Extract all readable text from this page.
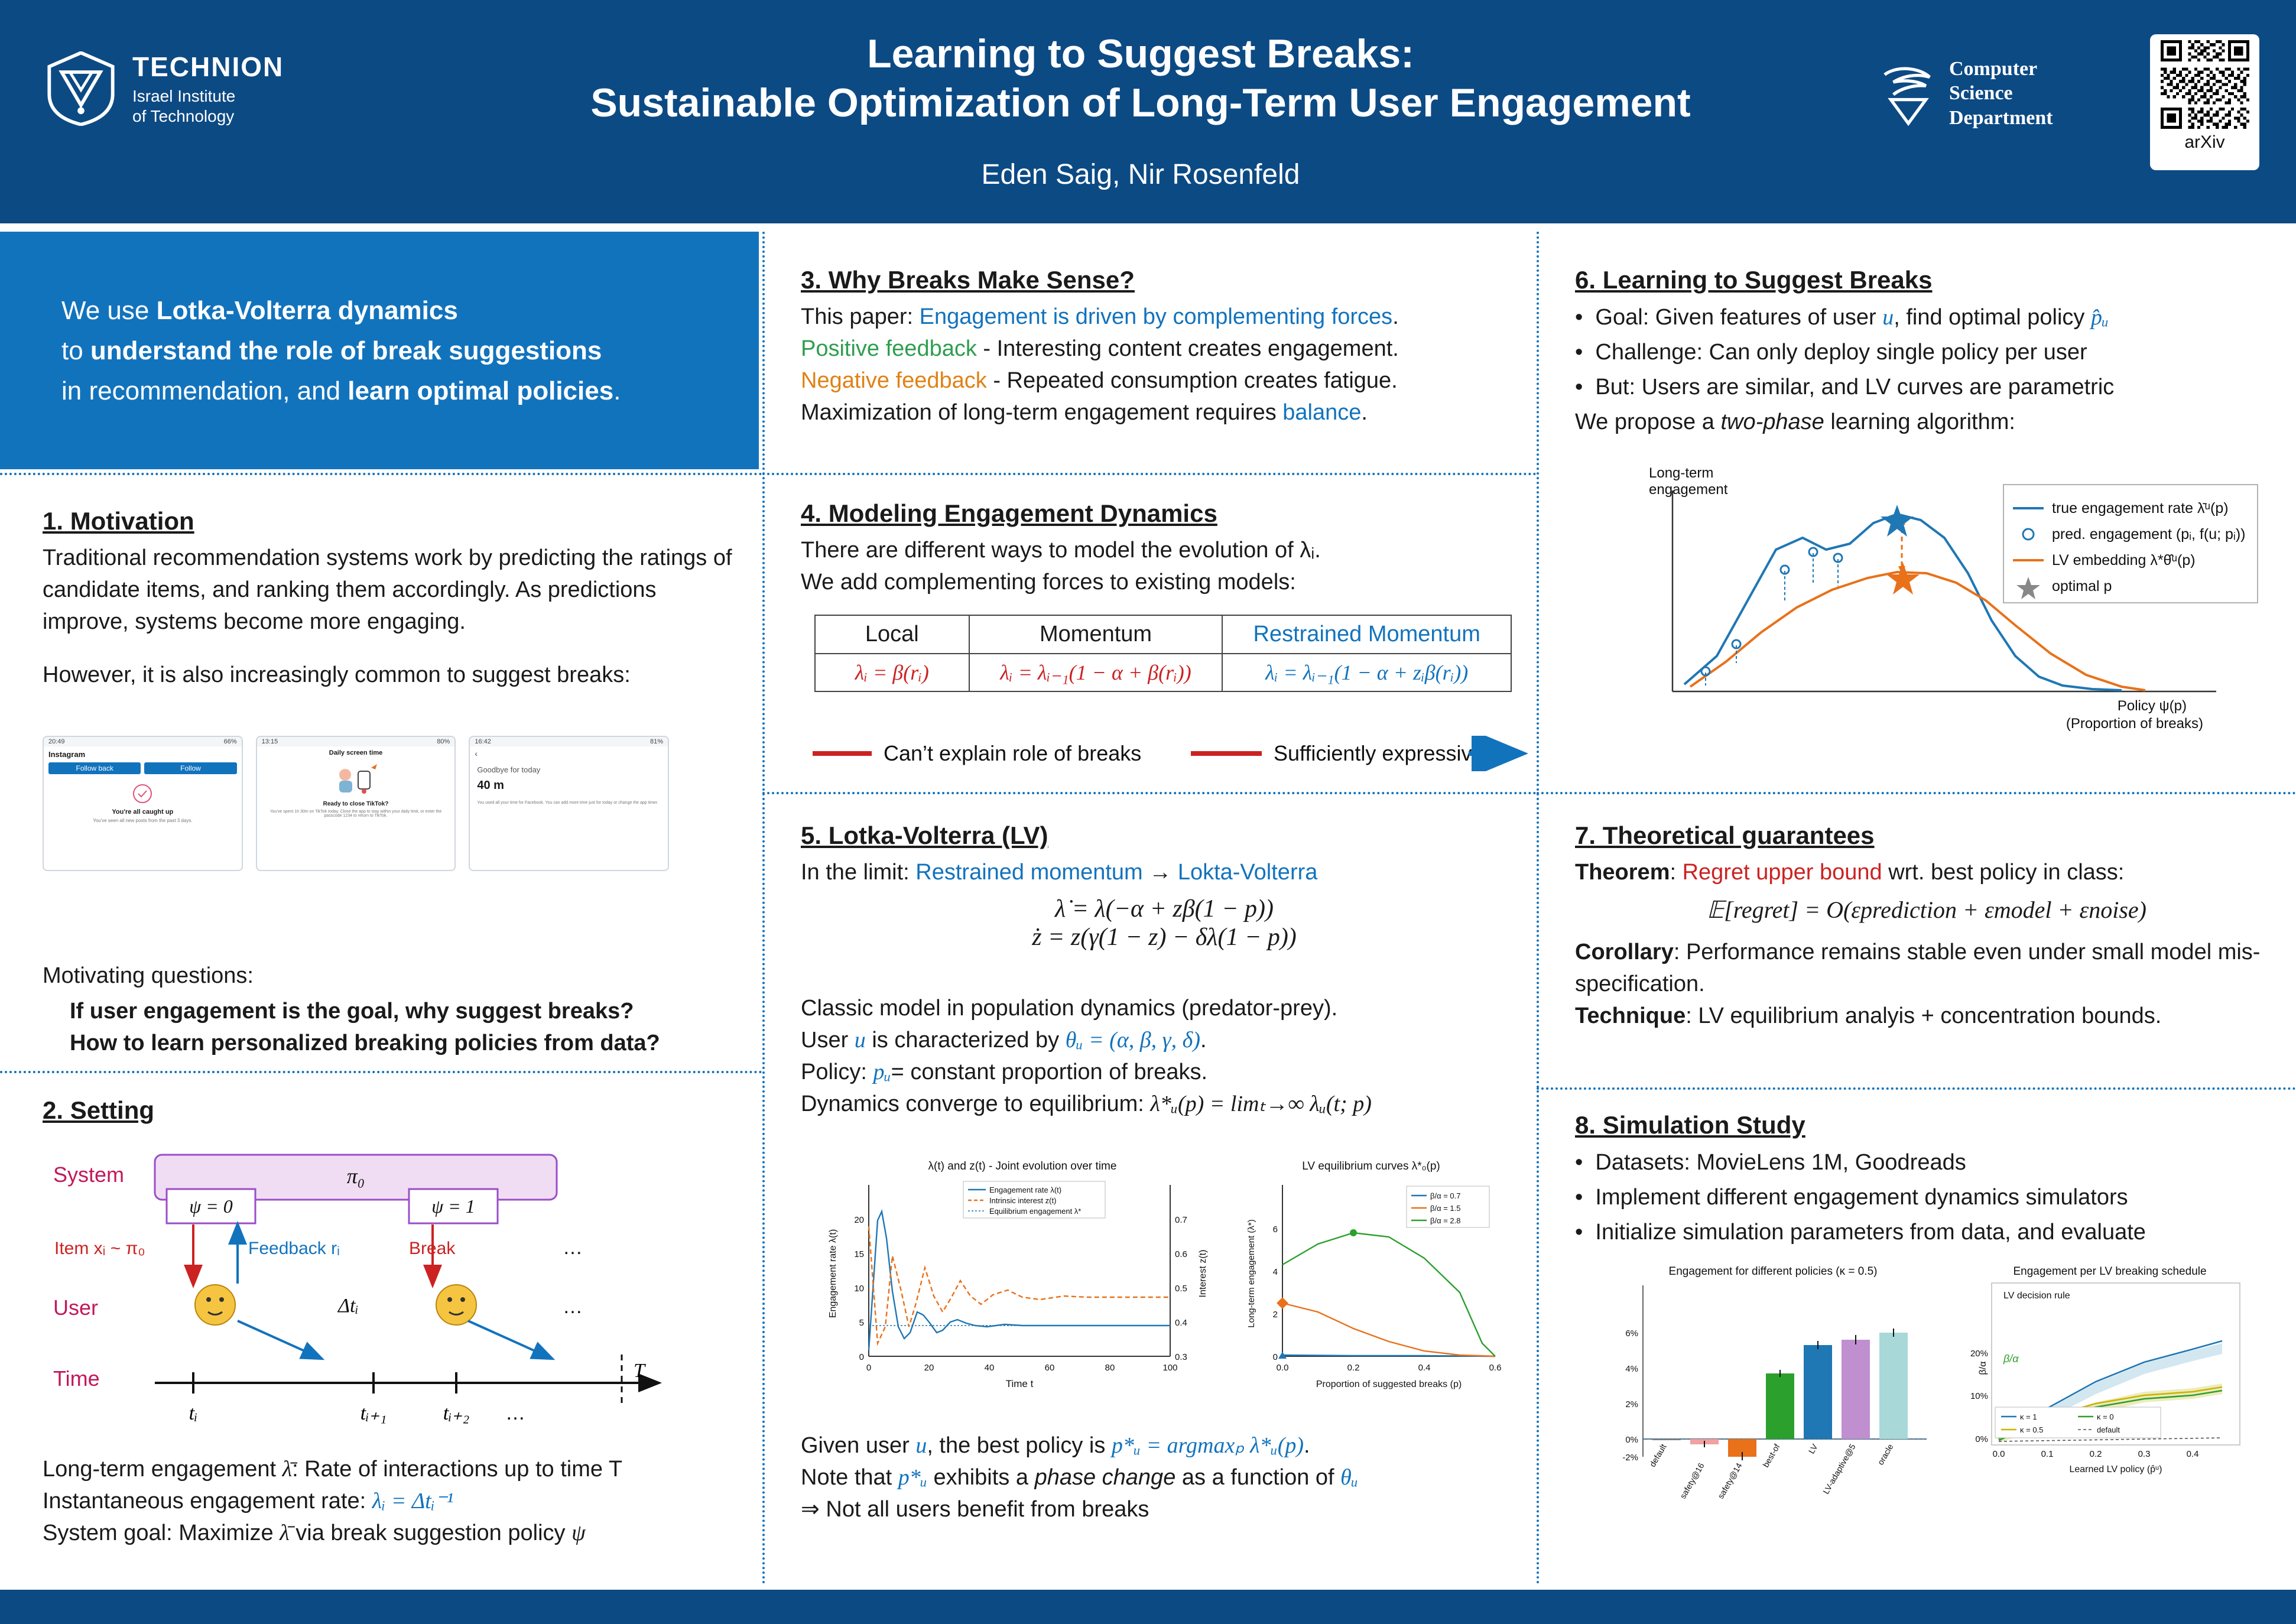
TECHNION
Israel Institute
of Technology
Learning to Suggest Breaks:
Sustainable Optimization of Long-Term User Engagement
Eden Saig, Nir Rosenfeld
Computer
Science
Department
arXiv
We use Lotka-Volterra dynamics
to understand the role of break suggestions
in recommendation, and learn optimal policies.
1. Motivation
Traditional recommendation systems work by predicting the ratings of candidate items, and ranking them accordingly. As predictions improve, systems become more engaging.
However, it is also increasingly common to suggest breaks:
20:49	66%
Instagram
Follow back	Follow
You're all caught up
You've seen all new posts from the past 3 days.
13:15	80%
Daily screen time
Ready to close TikTok?
You've spent 1h 30m on TikTok today. Close the app to stay within your daily limit, or enter the passcode 1234 to return to TikTok.
16:42	81%
‹
Goodbye for today
40 m
You used all your time for Facebook. You can add more time just for today or change the app timer.
Motivating questions:
If user engagement is the goal, why suggest breaks?
How to learn personalized breaking policies from data?
2. Setting
System
User
Time
π₀
ψ = 0	ψ = 1
Item xᵢ ~ π₀	Feedback rᵢ	Break
Δtᵢ
…
…
tᵢ	tᵢ₊₁	tᵢ₊₂ …
T
Long-term engagement λ̄: Rate of interactions up to time T
Instantaneous engagement rate: λᵢ = Δtᵢ⁻¹
System goal: Maximize λ̄ via break suggestion policy ψ
3. Why Breaks Make Sense?
This paper: Engagement is driven by complementing forces.
Positive feedback - Interesting content creates engagement.
Negative feedback - Repeated consumption creates fatigue.
Maximization of long-term engagement requires balance.
4. Modeling Engagement Dynamics
There are different ways to model the evolution of λᵢ.
We add complementing forces to existing models:
Local	Momentum	Restrained Momentum
λᵢ = β(rᵢ)	λᵢ = λᵢ₋₁(1 − α + β(rᵢ))	λᵢ = λᵢ₋₁(1 − α + zᵢβ(rᵢ))
Can’t explain role of breaks	Sufficiently expressive
5. Lotka-Volterra (LV)
In the limit: Restrained momentum → Lokta-Volterra
λ̇ = λ(−α + zβ(1 − p))
ż = z(γ(1 − z) − δλ(1 − p))
Classic model in population dynamics (predator-prey).
User u is characterized by θᵤ = (α, β, γ, δ).
Policy: pᵤ= constant proportion of breaks.
Dynamics converge to equilibrium: λ*ᵤ(p) = limₜ→∞ λᵤ(t; p)
λ(t) and z(t) - Joint evolution over time
Time t
Engagement rate λ(t)	Interest z(t)
0	20	40	60	80	100
0
5
10
15
20
0.3
0.4
0.5
0.6
0.7
Engagement rate λ(t)
Intrinsic interest z(t)
Equilibrium engagement λ*
LV equilibrium curves λ*₀(p)
Proportion of suggested breaks (p)
Long-term engagement (λ*)
0.0	0.2	0.4	0.6
0
2
4
6
β/α = 0.7
β/α = 1.5
β/α = 2.8
Given user u, the best policy is p*ᵤ = argmaxₚ λ*ᵤ(p).
Note that p*ᵤ exhibits a phase change as a function of θᵤ
⇒ Not all users benefit from breaks
6. Learning to Suggest Breaks
•  Goal: Given features of user u, find optimal policy p̂ᵤ
•  Challenge: Can only deploy single policy per user
•  But: Users are similar, and LV curves are parametric
We propose a two-phase learning algorithm:
Long-term
engagement
Policy ψ(p)
(Proportion of breaks)
true engagement rate λ̄ᵘ(p)
pred. engagement (pᵢ, f(u; pᵢ))
LV embedding λ*θ̂ᵘ(p)
optimal p
7. Theoretical guarantees
Theorem: Regret upper bound wrt. best policy in class:
𝔼[regret] = O(εprediction + εmodel + εnoise)
Corollary: Performance remains stable even under small model mis-specification.
Technique: LV equilibrium analyis + concentration bounds.
8. Simulation Study
•  Datasets: MovieLens 1M, Goodreads
•  Implement different engagement dynamics simulators
•  Initialize simulation parameters from data, and evaluate
Engagement for different policies (κ = 0.5)
-2%
0%
2%
4%
6%
default
safety@16 safety@14
best-of	LV LV-adaptive@5 oracle
Engagement per LV breaking schedule
LV decision rule
β/α
β/α
0%
10%
20%
0.0	0.1	0.2	0.3	0.4
Learned LV policy (p̂ᵘ)
κ = 1
κ = 0.5
κ = 0
default
